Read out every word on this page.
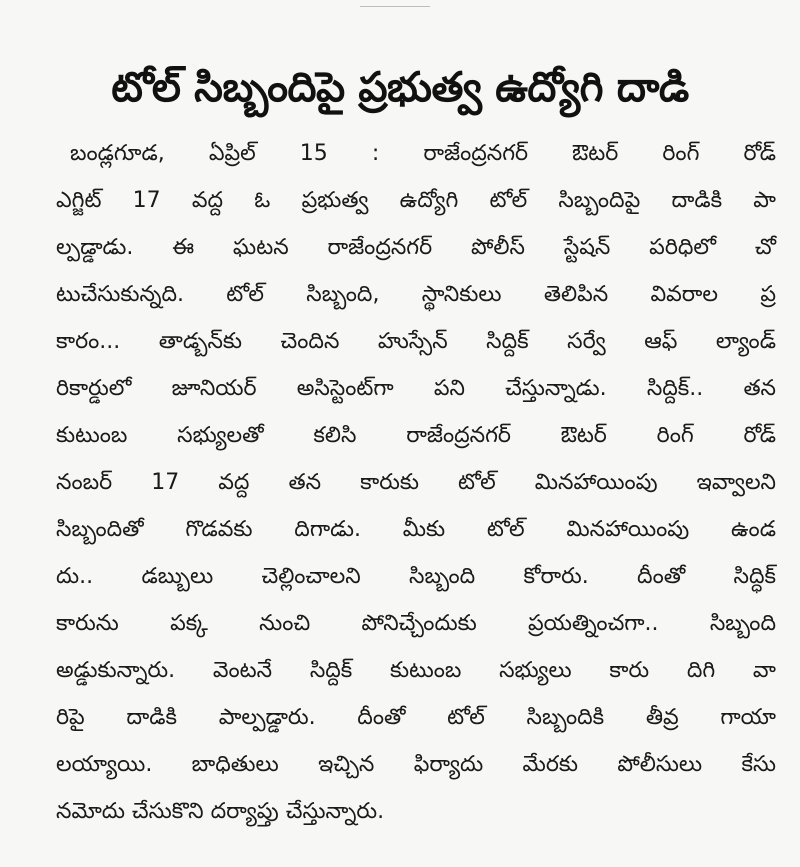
టోల్ సిబ్బందిపై ప్రభుత్వ ఉద్యోగి దాడి
బండ్లగూడ, ఏప్రిల్ 15 : రాజేంద్రనగర్ ఔటర్ రింగ్ రోడ్
ఎగ్జిట్ 17 వద్ద ఓ ప్రభుత్వ ఉద్యోగి టోల్ సిబ్బందిపై దాడికి పా
ల్పడ్డాడు. ఈ ఘటన రాజేంద్రనగర్ పోలీస్ స్టేషన్ పరిధిలో చో
టుచేసుకున్నది. టోల్ సిబ్బంది, స్థానికులు తెలిపిన వివరాల ప్ర
కారం... తాడ్బన్‌కు చెందిన హుస్సేన్ సిద్దిక్ సర్వే ఆఫ్ ల్యాండ్
రికార్డులో జూనియర్ అసిస్టెంట్‌గా పని చేస్తున్నాడు. సిద్దిక్.. తన
కుటుంబ సభ్యులతో కలిసి రాజేంద్రనగర్ ఔటర్ రింగ్ రోడ్
నంబర్ 17 వద్ద తన కారుకు టోల్ మినహాయింపు ఇవ్వాలని
సిబ్బందితో గొడవకు దిగాడు. మీకు టోల్ మినహాయింపు ఉండ
దు.. డబ్బులు చెల్లించాలని సిబ్బంది కోరారు. దీంతో సిద్ధిక్
కారును పక్క నుంచి పోనిచ్చేందుకు ప్రయత్నించగా.. సిబ్బంది
అడ్డుకున్నారు. వెంటనే సిద్దిక్ కుటుంబ సభ్యులు కారు దిగి వా
రిపై దాడికి పాల్పడ్డారు. దీంతో టోల్ సిబ్బందికి తీవ్ర గాయా
లయ్యాయి. బాధితులు ఇచ్చిన ఫిర్యాదు మేరకు పోలీసులు కేసు
నమోదు చేసుకొని దర్యాప్తు చేస్తున్నారు.
